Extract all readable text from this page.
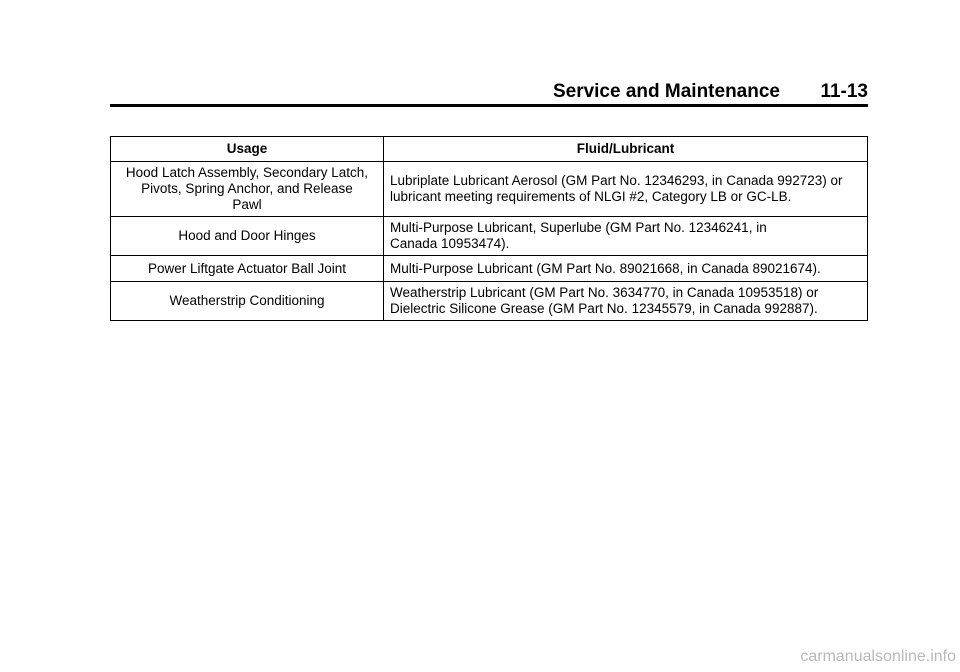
Service and Maintenance 11-13
Usage	Fluid/Lubricant
Hood Latch Assembly, Secondary Latch, Pivots, Spring Anchor, and Release Pawl	Lubriplate Lubricant Aerosol (GM Part No. 12346293, in Canada 992723) or lubricant meeting requirements of NLGI #2, Category LB or GC-LB.
Hood and Door Hinges	Multi-Purpose Lubricant, Superlube (GM Part No. 12346241, in Canada 10953474).
Power Liftgate Actuator Ball Joint	Multi-Purpose Lubricant (GM Part No. 89021668, in Canada 89021674).
Weatherstrip Conditioning	Weatherstrip Lubricant (GM Part No. 3634770, in Canada 10953518) or Dielectric Silicone Grease (GM Part No. 12345579, in Canada 992887).
carmanualsonline.info
